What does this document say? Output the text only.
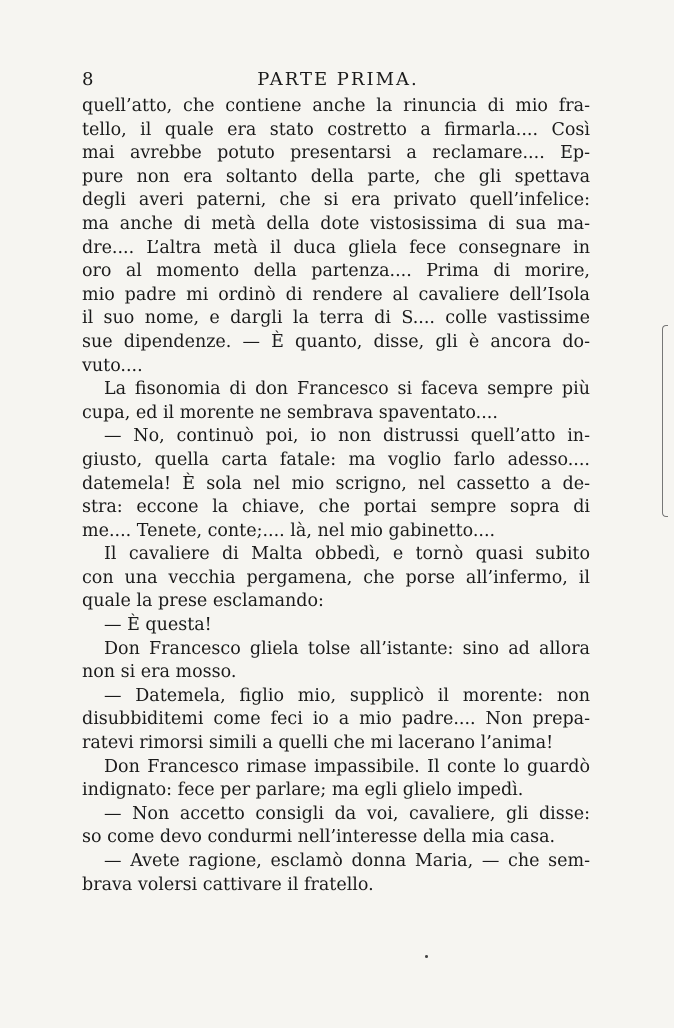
8	PARTE PRIMA.
quell’atto, che contiene anche la rinuncia di mio fra-
tello, il quale era stato costretto a firmarla.... Così
mai avrebbe potuto presentarsi a reclamare.... Ep-
pure non era soltanto della parte, che gli spettava
degli averi paterni, che si era privato quell’infelice:
ma anche di metà della dote vistosissima di sua ma-
dre.... L’altra metà il duca gliela fece consegnare in
oro al momento della partenza.... Prima di morire,
mio padre mi ordinò di rendere al cavaliere dell’Isola
il suo nome, e dargli la terra di S.... colle vastissime
sue dipendenze. — È quanto, disse, gli è ancora do-
vuto....
La fisonomia di don Francesco si faceva sempre più
cupa, ed il morente ne sembrava spaventato....
— No, continuò poi, io non distrussi quell’atto in-
giusto, quella carta fatale: ma voglio farlo adesso....
datemela! È sola nel mio scrigno, nel cassetto a de-
stra: eccone la chiave, che portai sempre sopra di
me.... Tenete, conte;.... là, nel mio gabinetto....
Il cavaliere di Malta obbedì, e tornò quasi subito
con una vecchia pergamena, che porse all’infermo, il
quale la prese esclamando:
— È questa!
Don Francesco gliela tolse all’istante: sino ad allora
non si era mosso.
— Datemela, figlio mio, supplicò il morente: non
disubbiditemi come feci io a mio padre.... Non prepa-
ratevi rimorsi simili a quelli che mi lacerano l’anima!
Don Francesco rimase impassibile. Il conte lo guardò
indignato: fece per parlare; ma egli glielo impedì.
— Non accetto consigli da voi, cavaliere, gli disse:
so come devo condurmi nell’interesse della mia casa.
— Avete ragione, esclamò donna Maria, — che sem-
brava volersi cattivare il fratello.
